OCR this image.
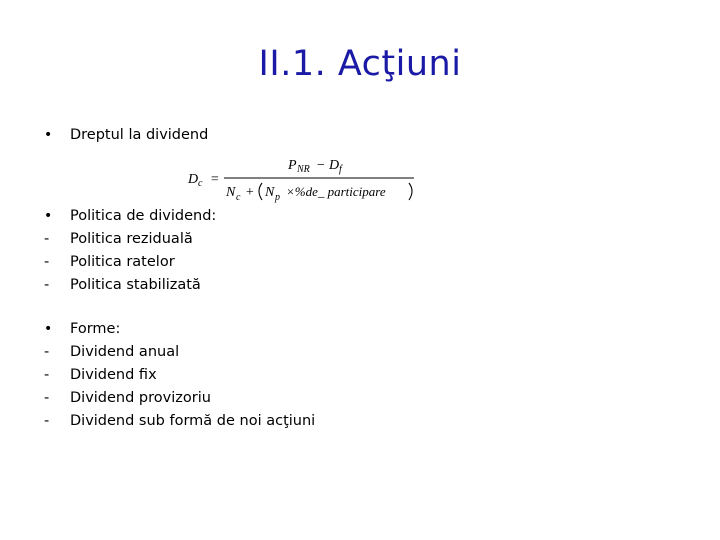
II.1. Acţiuni
•	Dreptul la dividend
D c =
P NR − D f
N c + N p ×%de_ participare
•	Politica de dividend:
-	Politica reziduală
-	Politica ratelor
-	Politica stabilizată
•	Forme:
-	Dividend anual
-	Dividend fix
-	Dividend provizoriu
-	Dividend sub formă de noi acţiuni
